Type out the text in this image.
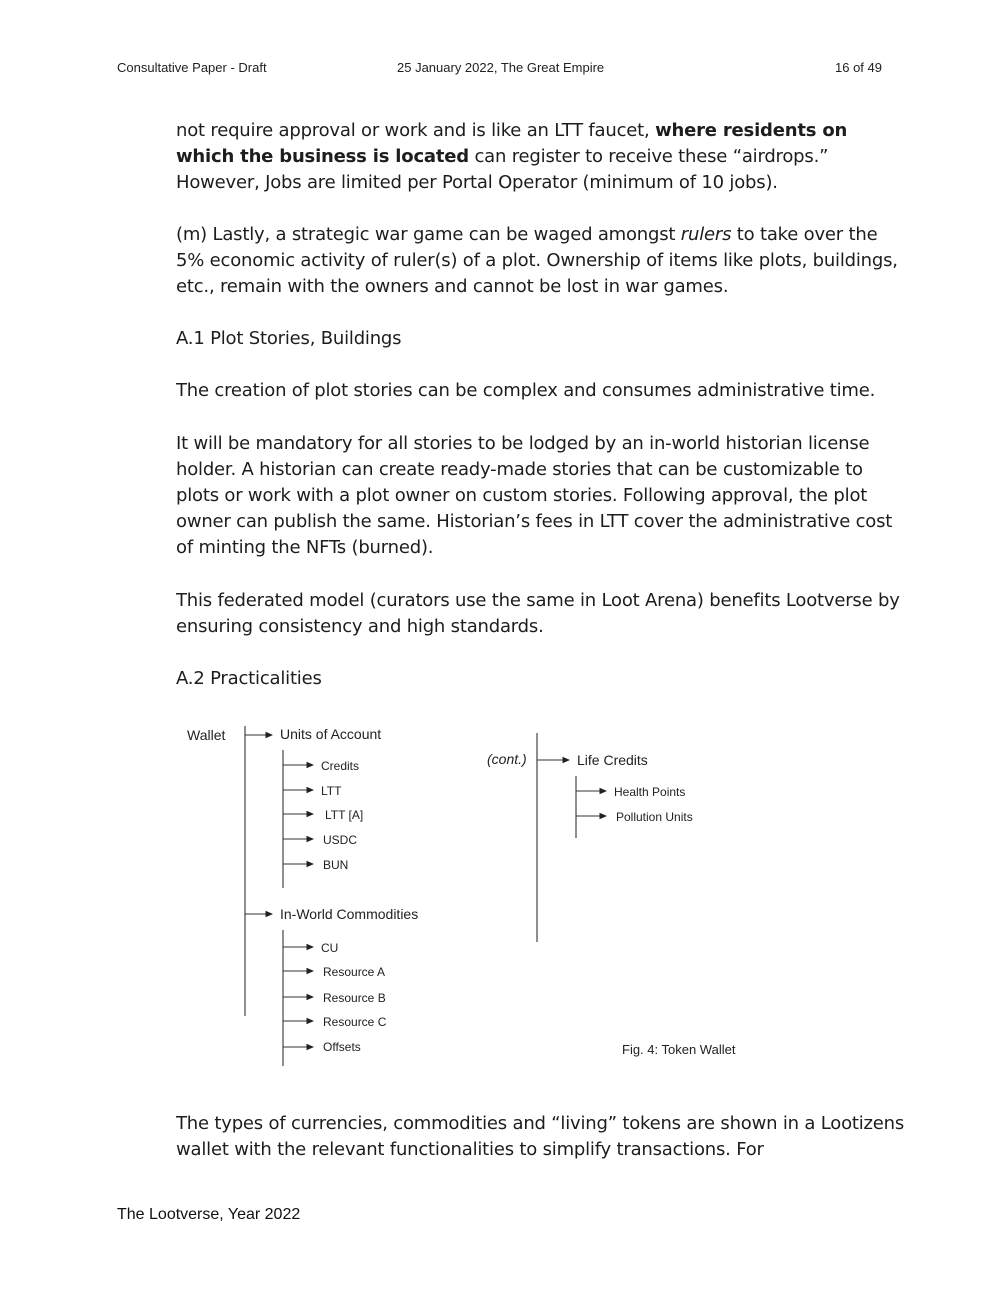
Consultative Paper - Draft	25 January 2022, The Great Empire	16 of 49

not require approval or work and is like an LTT faucet, where residents on which the business is located can register to receive these “airdrops.” However, Jobs are limited per Portal Operator (minimum of 10 jobs).

(m) Lastly, a strategic war game can be waged amongst rulers to take over the 5% economic activity of ruler(s) of a plot. Ownership of items like plots, buildings, etc., remain with the owners and cannot be lost in war games.

A.1 Plot Stories, Buildings
The creation of plot stories can be complex and consumes administrative time.
It will be mandatory for all stories to be lodged by an in-world historian license holder. A historian can create ready-made stories that can be customizable to plots or work with a plot owner on custom stories. Following approval, the plot owner can publish the same. Historian’s fees in LTT cover the administrative cost of minting the NFTs (burned).
This federated model (curators use the same in Loot Arena) benefits Lootverse by ensuring consistency and high standards.
A.2 Practicalities
Wallet	Units of Account
Credits
LTT
LTT [A]
USDC
BUN
In-World Commodities
CU
Resource A
Resource B
Resource C
Offsets
(cont.)	Life Credits
Health Points
Pollution Units
Fig. 4: Token Wallet
The types of currencies, commodities and “living” tokens are shown in a Lootizens wallet with the relevant functionalities to simplify transactions. For
The Lootverse, Year 2022
